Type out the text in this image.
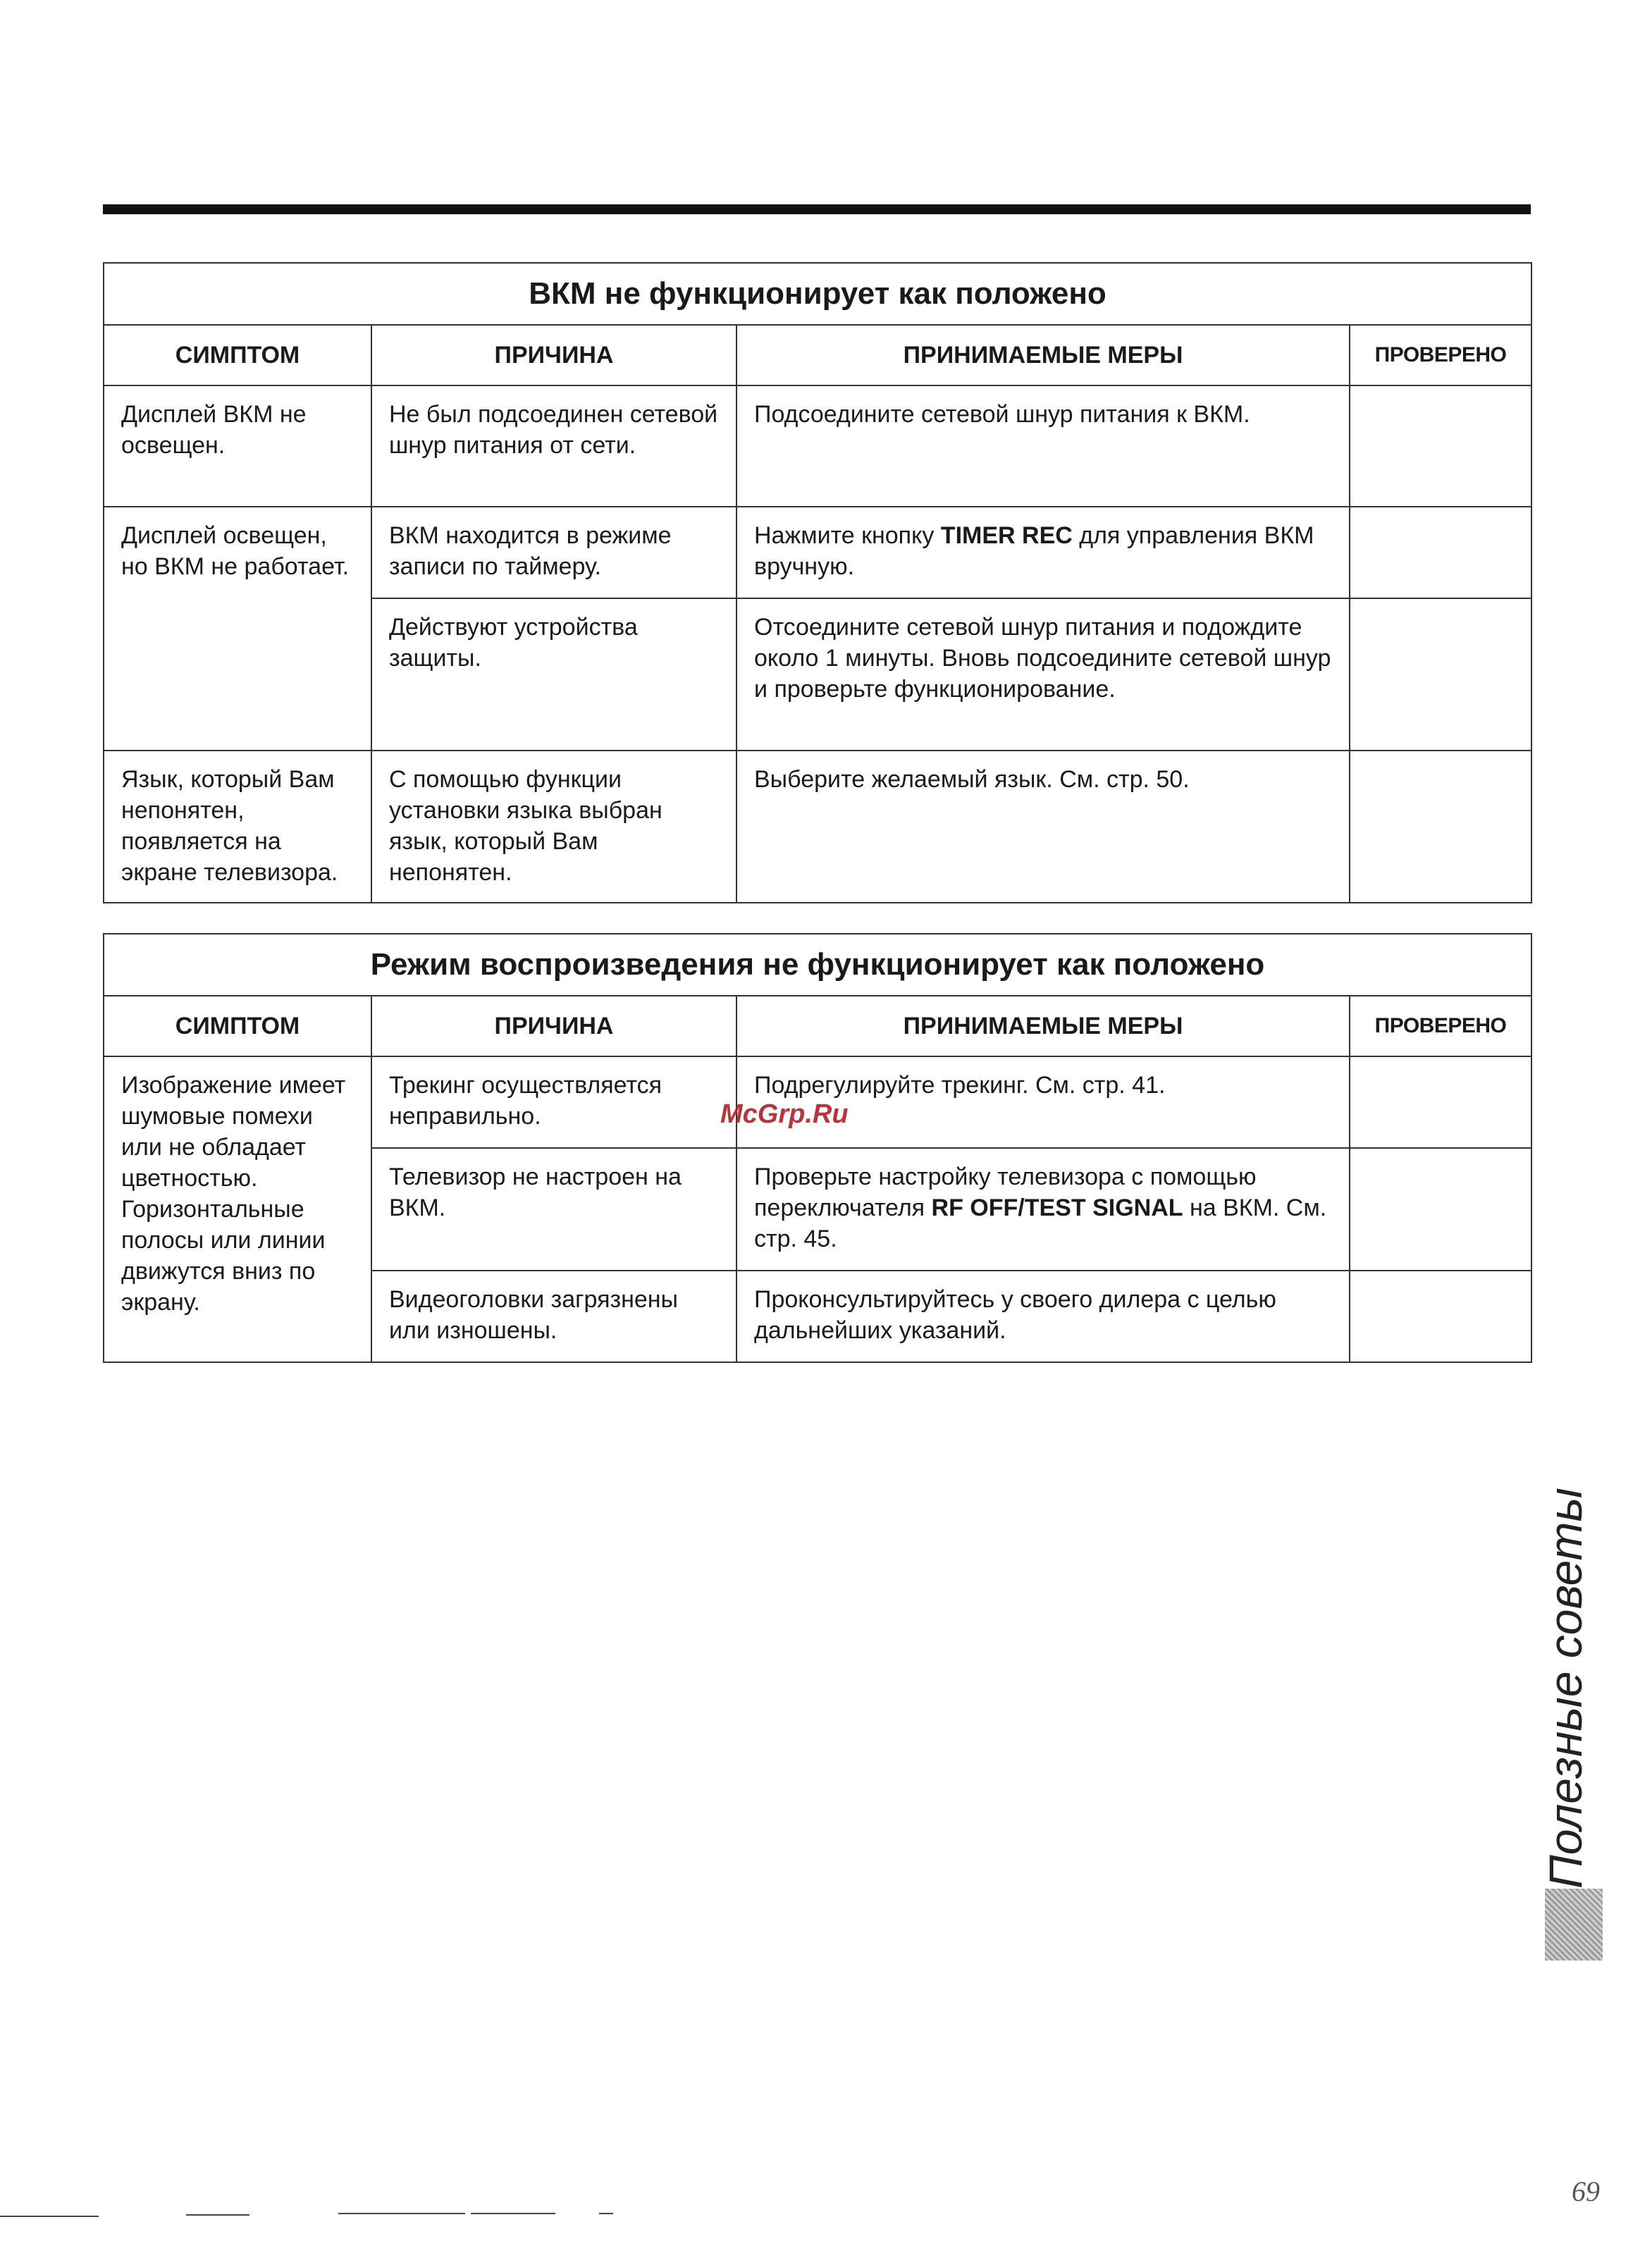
ВКМ не функционирует как положено			
СИМПТОМ	ПРИЧИНА	ПРИНИМАЕМЫЕ МЕРЫ	ПРОВЕРЕНО
Дисплей ВКМ не освещен.	Не был подсоединен сетевой шнур питания от сети.	Подсоедините сетевой шнур питания к ВКМ.	
Дисплей освещен, но ВКМ не работает.	ВКМ находится в режиме записи по таймеру.	Нажмите кнопку TIMER REC для управления ВКМ вручную.	
	Действуют устройства защиты.	Отсоедините сетевой шнур питания и подождите около 1 минуты. Вновь подсоедините сетевой шнур и проверьте функционирование.	
Язык, который Вам непонятен, появляется на экране телевизора.	С помощью функции установки языка выбран язык, который Вам непонятен.	Выберите желаемый язык. См. стр. 50.	
Режим воспроизведения не функционирует как положено			
СИМПТОМ	ПРИЧИНА	ПРИНИМАЕМЫЕ МЕРЫ	ПРОВЕРЕНО
Изображение имеет шумовые помехи или не обладает цветностью. Горизонтальные полосы или линии движутся вниз по экрану.	Трекинг осуществляется неправильно.	Подрегулируйте трекинг. См. стр. 41.	
	Телевизор не настроен на ВКМ.	Проверьте настройку телевизора с помощью переключателя RF OFF/TEST SIGNAL на ВКМ. См. стр. 45.	
	Видеоголовки загрязнены или изношены.	Проконсультируйтесь у своего дилера с целью дальнейших указаний.	
McGrp.Ru
Полезные советы
69
